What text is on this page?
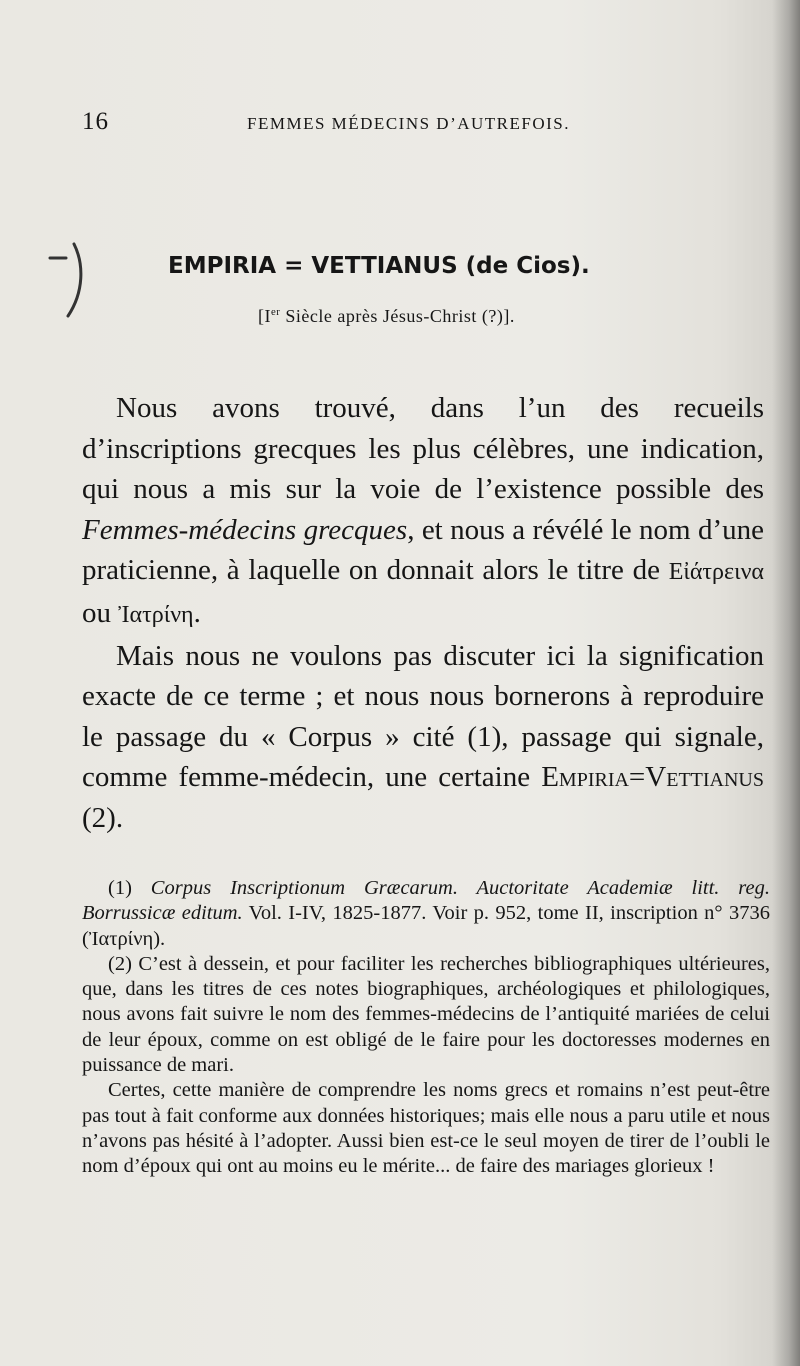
16	FEMMES MÉDECINS D’AUTREFOIS.
EMPIRIA = VETTIANUS (de Cios).
[Ier Siècle après Jésus-Christ (?)].

Nous avons trouvé, dans l’un des recueils d’inscriptions grecques les plus célèbres, une indication, qui nous a mis sur la voie de l’existence possible des Femmes-médecins grecques, et nous a révélé le nom d’une praticienne, à laquelle on donnait alors le titre de Εἰάτρεινα ou Ἰατρίνη.

Mais nous ne voulons pas discuter ici la signification exacte de ce terme ; et nous nous bornerons à reproduire le passage du « Corpus » cité (1), passage qui signale, comme femme-médecin, une certaine Empiria=Vettianus (2).

(1) Corpus Inscriptionum Græcarum. Auctoritate Academiæ litt. reg. Borrussicæ editum. Vol. I-IV, 1825-1877. Voir p. 952, tome II, inscription n° 3736 (Ἰατρίνη).

(2) C’est à dessein, et pour faciliter les recherches bibliographiques ultérieures, que, dans les titres de ces notes biographiques, archéologiques et philologiques, nous avons fait suivre le nom des femmes-médecins de l’antiquité mariées de celui de leur époux, comme on est obligé de le faire pour les doctoresses modernes en puissance de mari.

Certes, cette manière de comprendre les noms grecs et romains n’est peut-être pas tout à fait conforme aux données historiques; mais elle nous a paru utile et nous n’avons pas hésité à l’adopter. Aussi bien est-ce le seul moyen de tirer de l’oubli le nom d’époux qui ont au moins eu le mérite... de faire des mariages glorieux !
